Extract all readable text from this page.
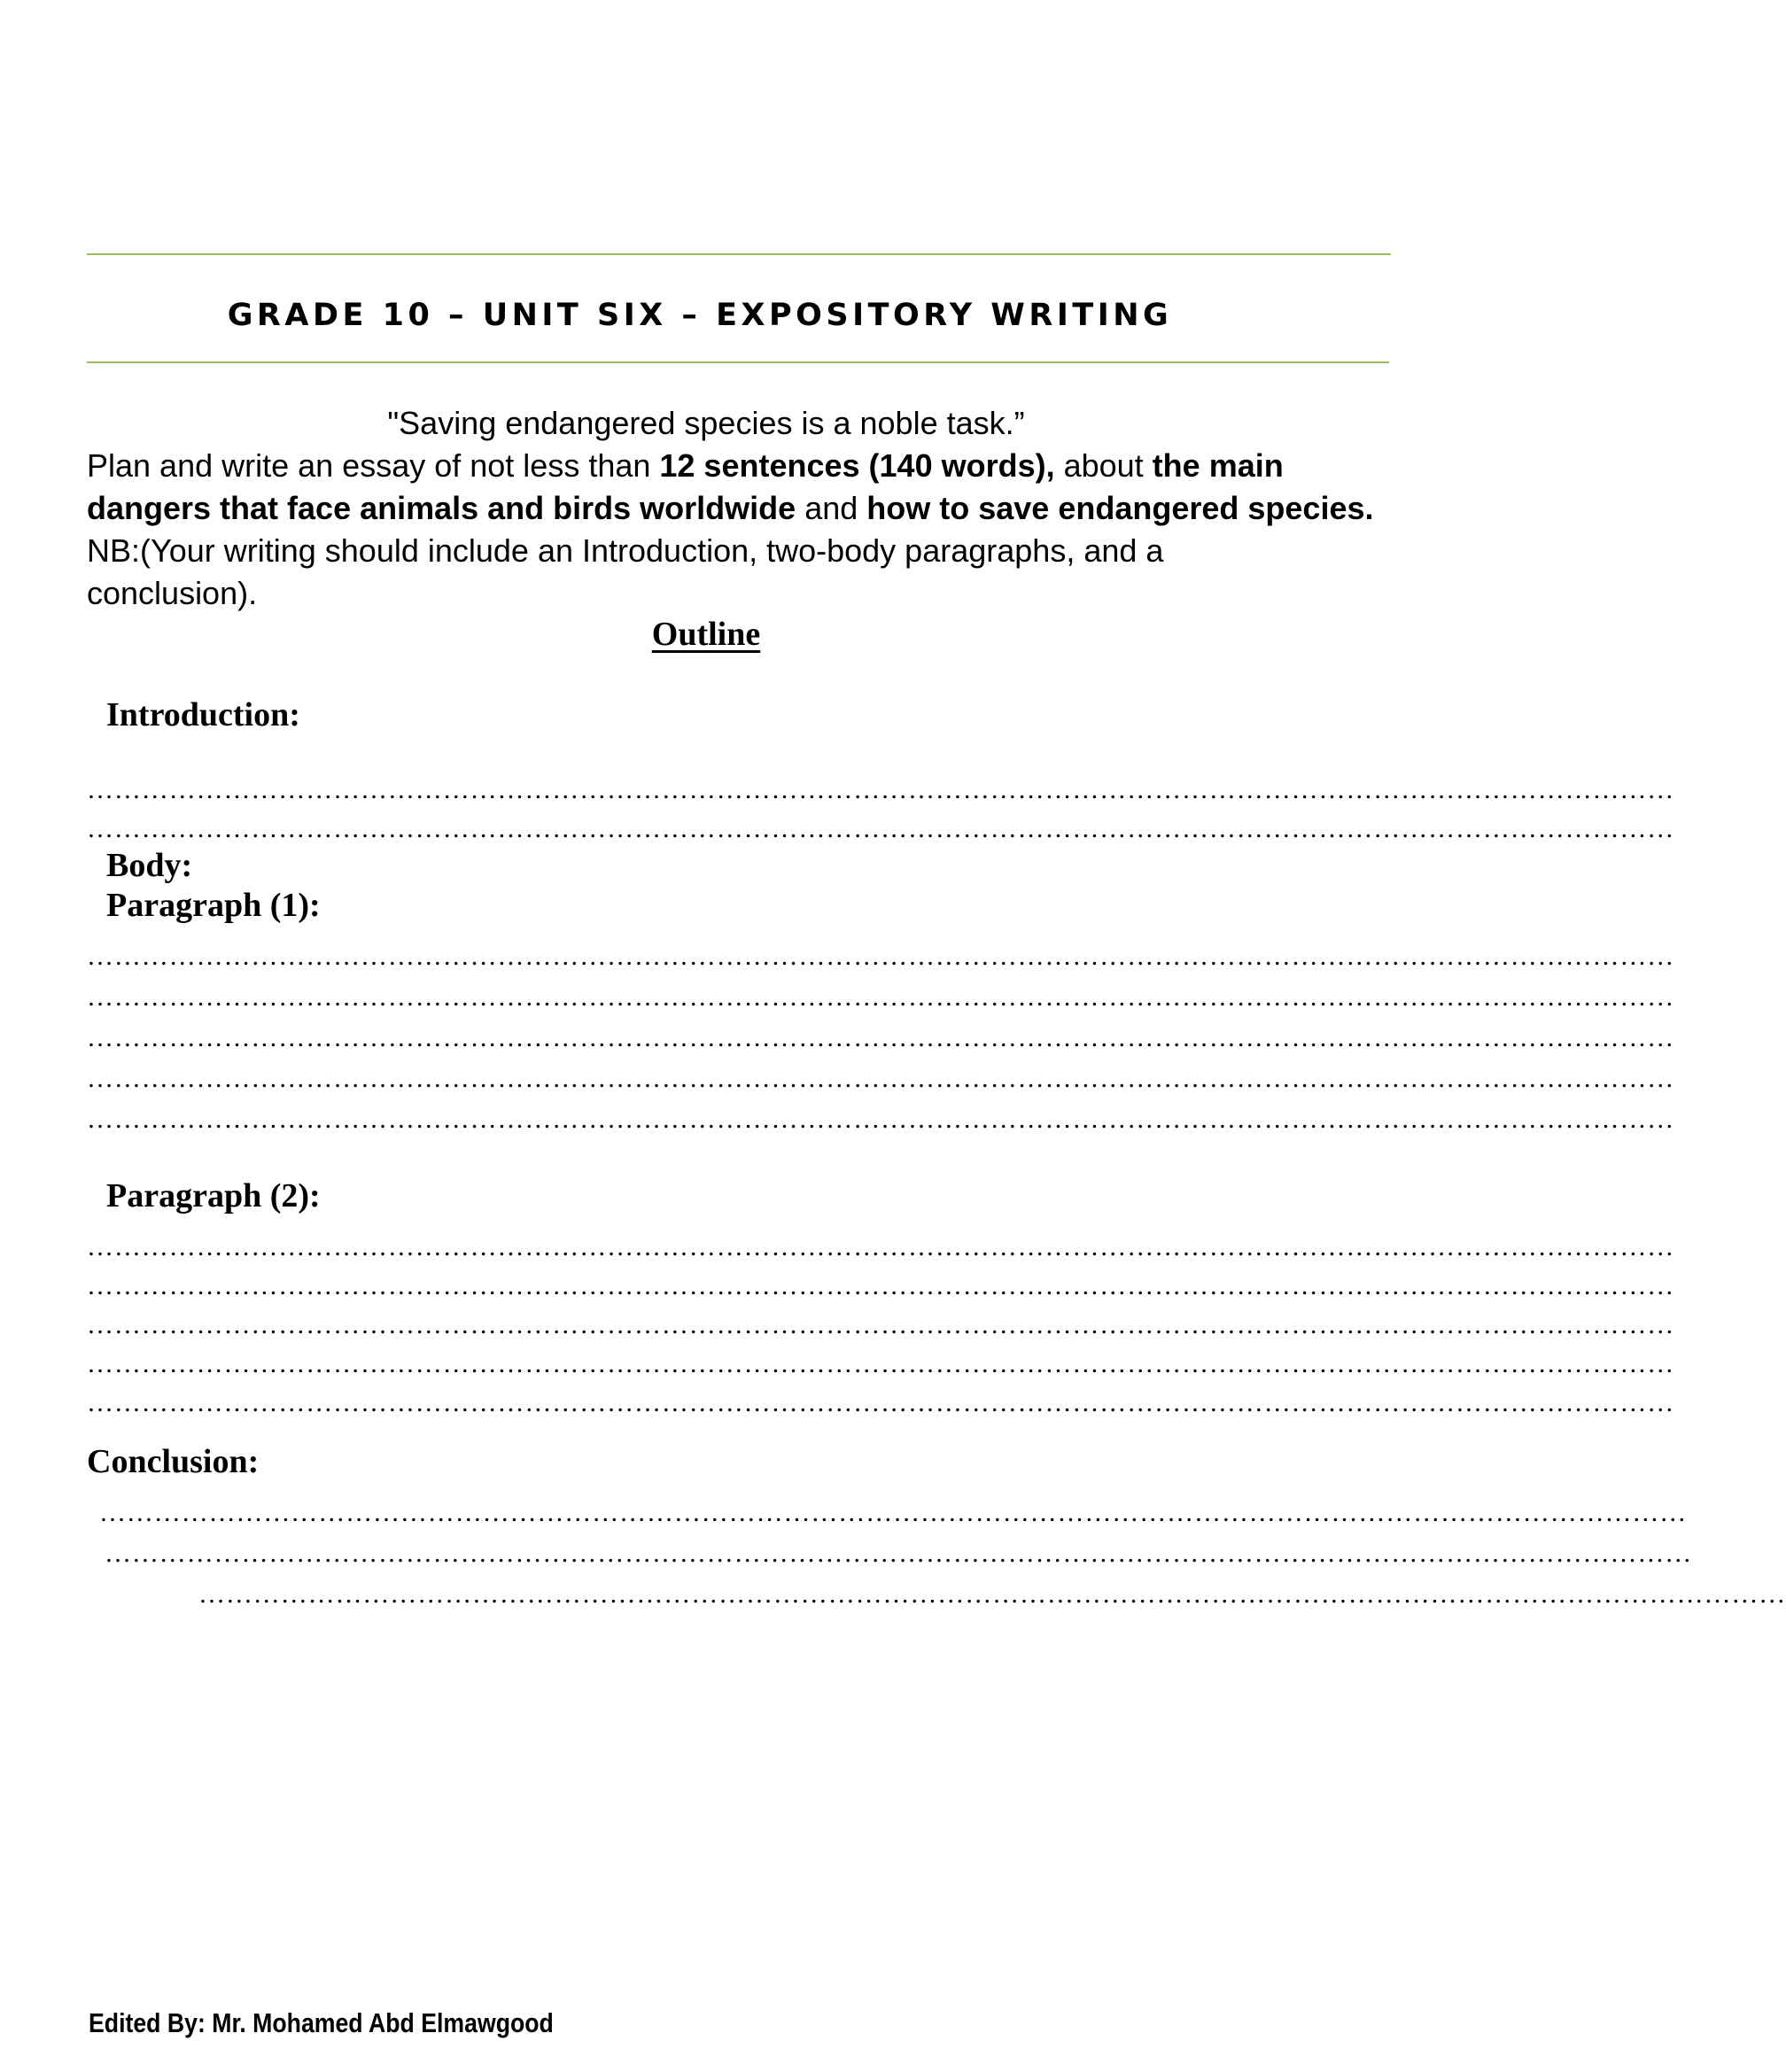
GRADE 10 – UNIT SIX – EXPOSITORY WRITING
"Saving endangered species is a noble task.”
Plan and write an essay of not less than 12 sentences (140 words), about the main
dangers that face animals and birds worldwide and how to save endangered species.
NB:(Your writing should include an Introduction, two-body paragraphs, and a
conclusion).
Outline
Introduction:
…………………………………………………………………………………………………………………………………………………………
…………………………………………………………………………………………………………………………………………………………
Body:
Paragraph (1):
…………………………………………………………………………………………………………………………………………………………
…………………………………………………………………………………………………………………………………………………………
…………………………………………………………………………………………………………………………………………………………
…………………………………………………………………………………………………………………………………………………………
…………………………………………………………………………………………………………………………………………………………
Paragraph (2):
…………………………………………………………………………………………………………………………………………………………
…………………………………………………………………………………………………………………………………………………………
…………………………………………………………………………………………………………………………………………………………
…………………………………………………………………………………………………………………………………………………………
…………………………………………………………………………………………………………………………………………………………
Conclusion:
…………………………………………………………………………………………………………………………………………………………
…………………………………………………………………………………………………………………………………………………………
…………………………………………………………………………………………………………………………………………………………
Edited By: Mr. Mohamed Abd Elmawgood
